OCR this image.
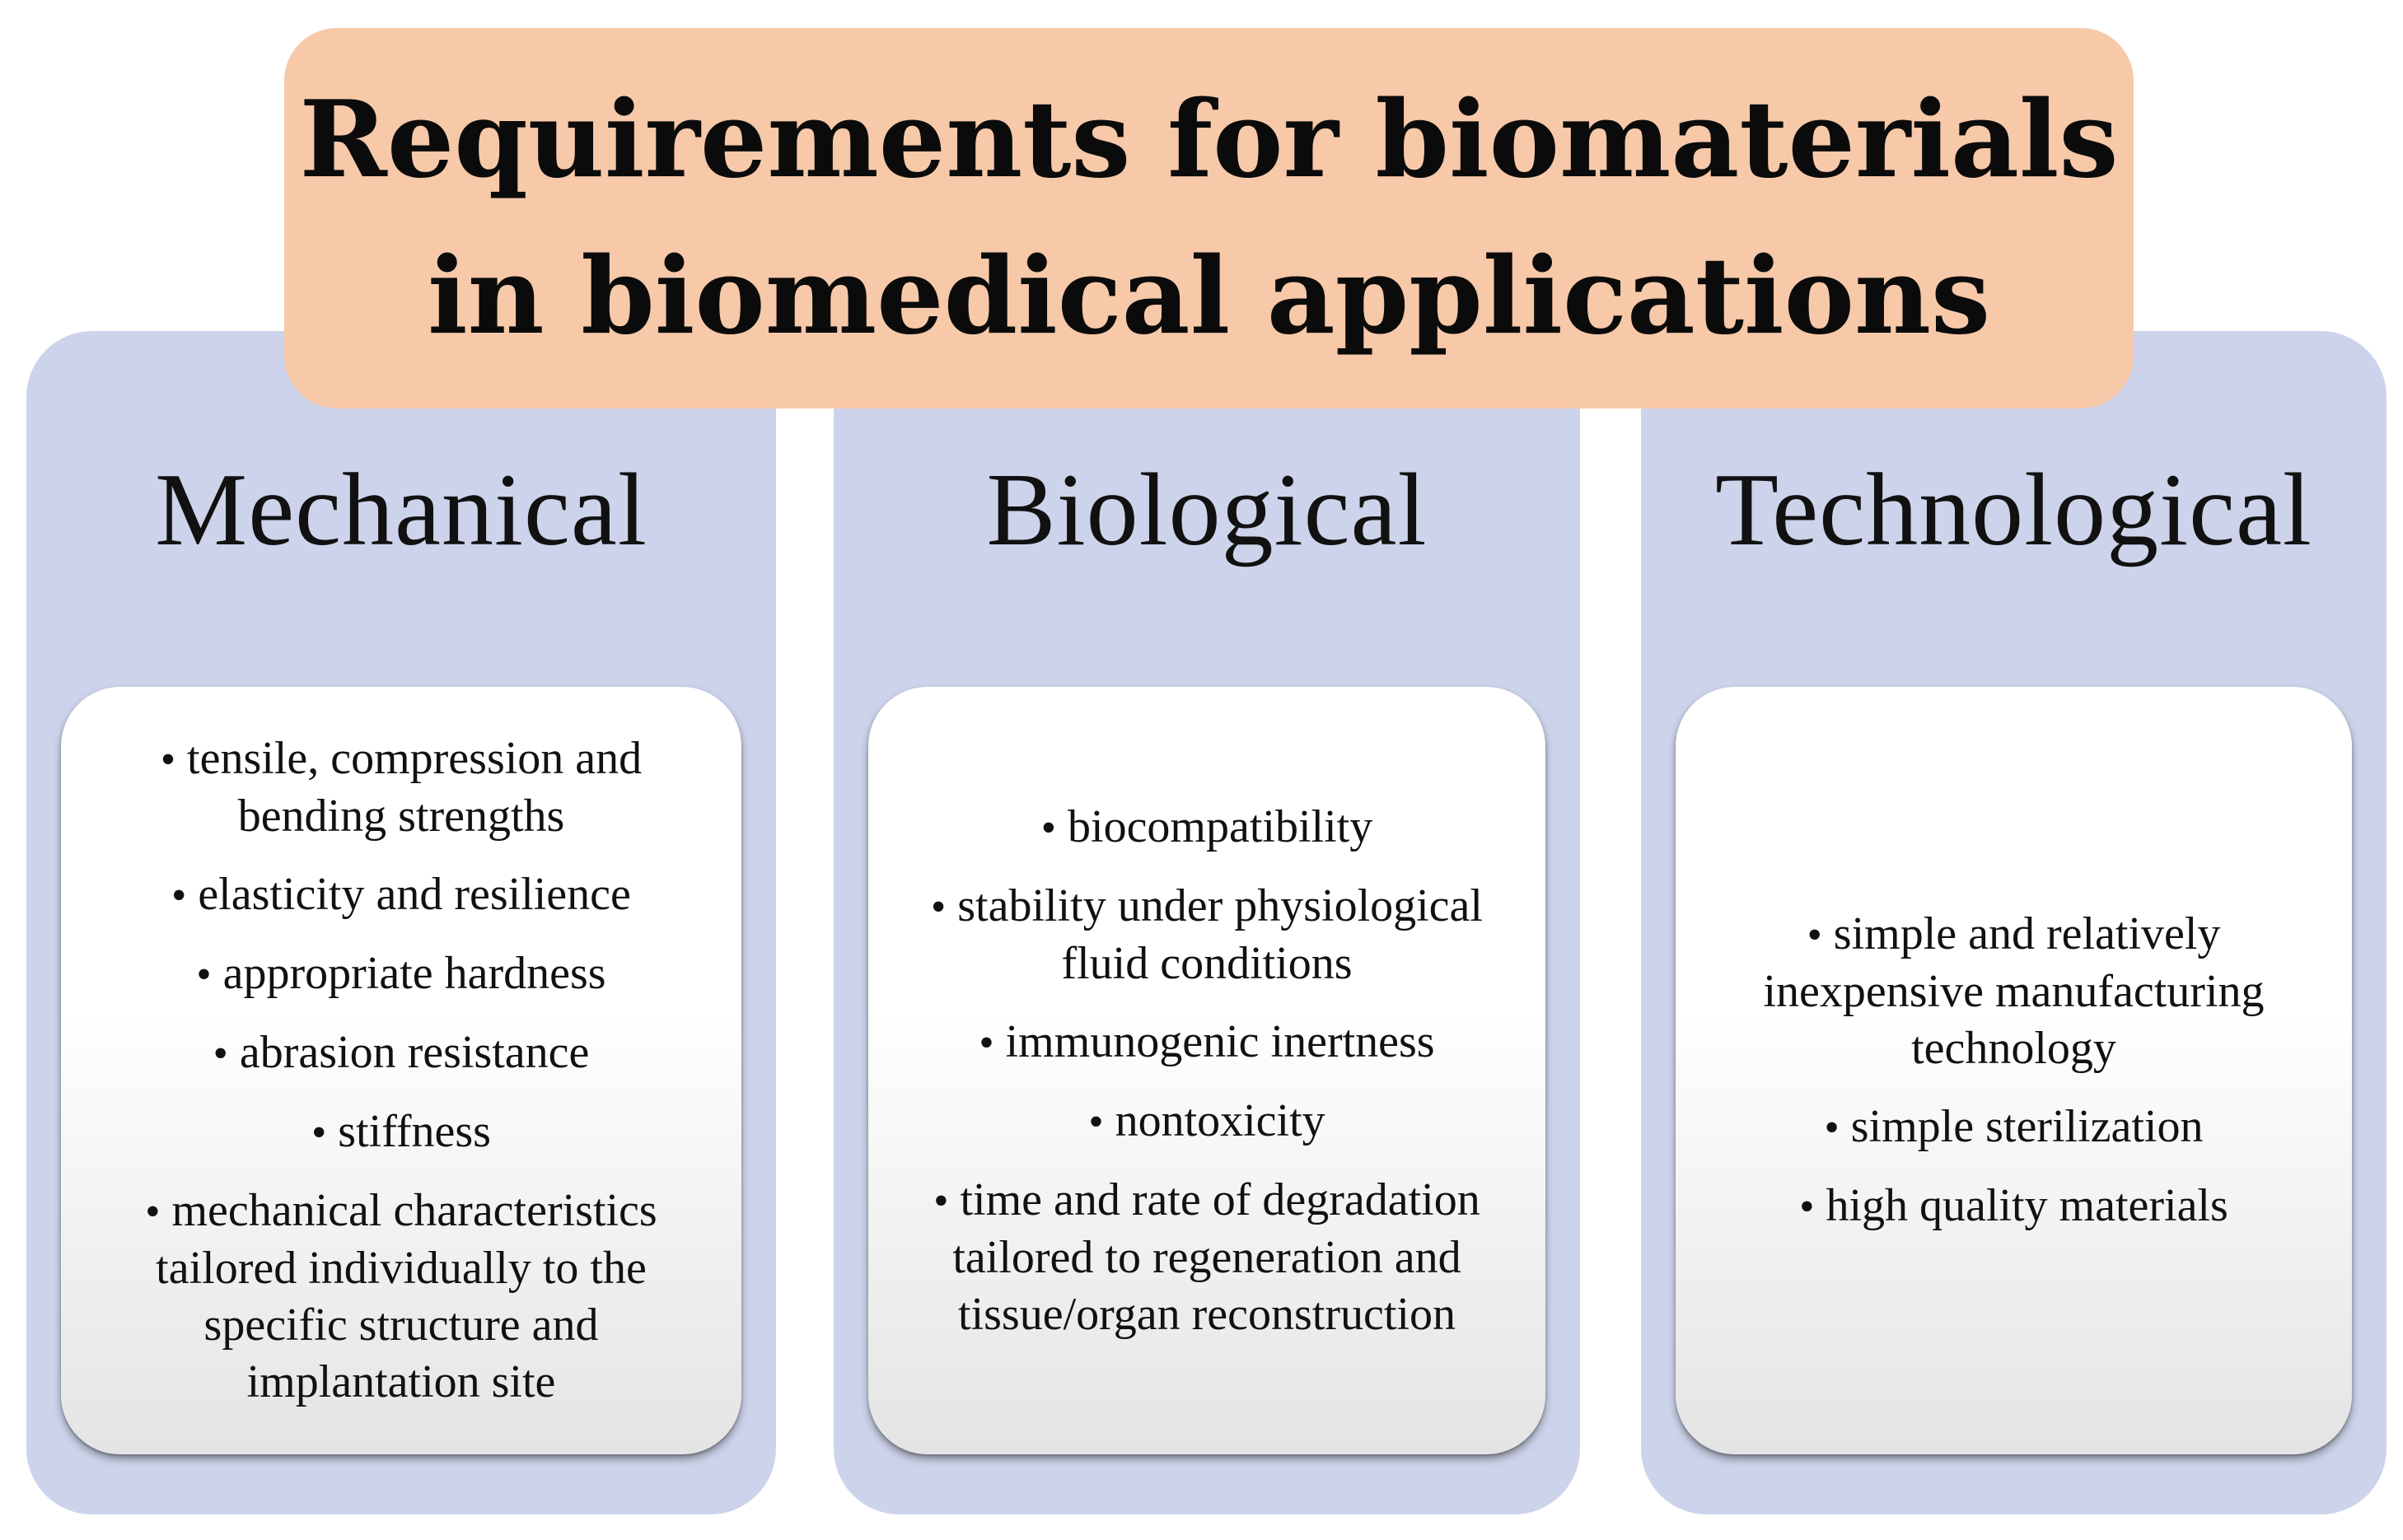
Mechanical
• tensile, compression and bending strengths
• elasticity and resilience
• appropriate hardness
• abrasion resistance
• stiffness
• mechanical characteristics tailored individually to the specific structure and implantation site
Biological
• biocompatibility
• stability under physiological fluid conditions
• immunogenic inertness
• nontoxicity
• time and rate of degradation tailored to regeneration and tissue/organ reconstruction
Technological
• simple and relatively inexpensive manufacturing technology
• simple sterilization
• high quality materials
Requirements for biomaterials
in biomedical applications
